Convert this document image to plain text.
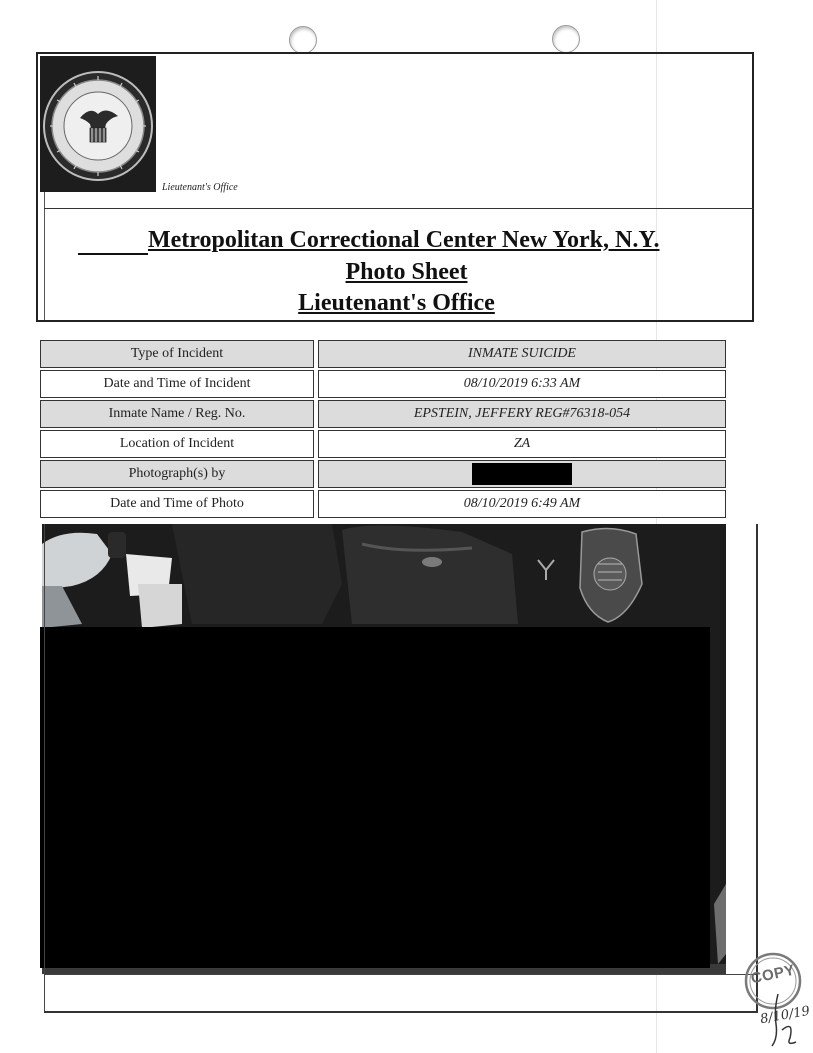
Lieutenant's Office
Metropolitan Correctional Center New York, N.Y.
Photo Sheet
Lieutenant's Office
Type of Incident	INMATE SUICIDE
Date and Time of Incident	08/10/2019 6:33 AM
Inmate Name / Reg. No.	EPSTEIN, JEFFERY REG#76318-054
Location of Incident	ZA
Photograph(s) by
Date and Time of Photo	08/10/2019 6:49 AM
COPY
8/10/19
